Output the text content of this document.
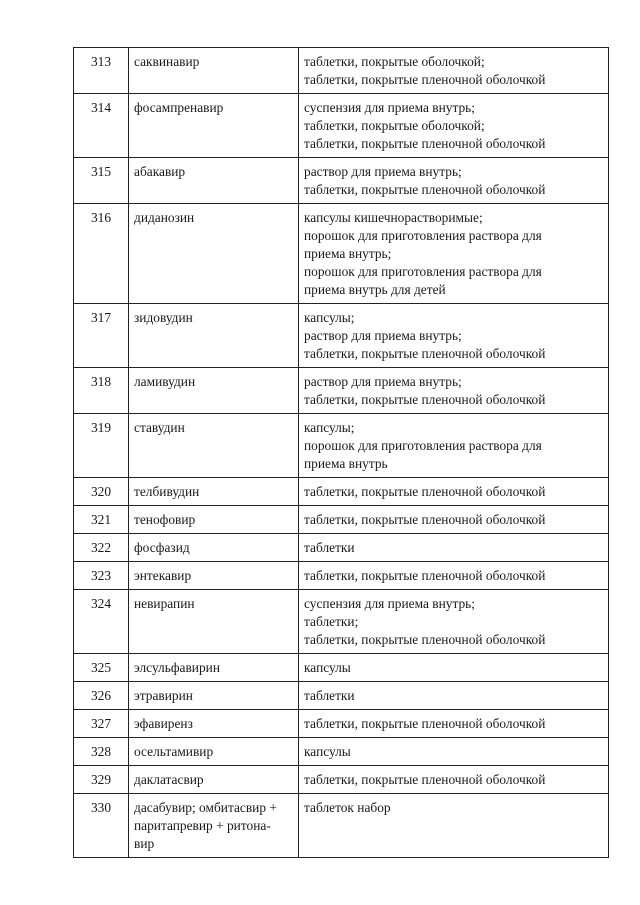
313	саквинавир	таблетки, покрытые оболочкой;
таблетки, покрытые пленочной оболочкой

314	фосампренавир	суспензия для приема внутрь;
таблетки, покрытые оболочкой;
таблетки, покрытые пленочной оболочкой

315	абакавир	раствор для приема внутрь;
таблетки, покрытые пленочной оболочкой

316	диданозин	капсулы кишечнорастворимые;
порошок для приготовления раствора для
приема внутрь;
порошок для приготовления раствора для
приема внутрь для детей

317	зидовудин	капсулы;
раствор для приема внутрь;
таблетки, покрытые пленочной оболочкой

318	ламивудин	раствор для приема внутрь;
таблетки, покрытые пленочной оболочкой

319	ставудин	капсулы;
порошок для приготовления раствора для
приема внутрь

320	телбивудин	таблетки, покрытые пленочной оболочкой

321	тенофовир	таблетки, покрытые пленочной оболочкой

322	фосфазид	таблетки

323	энтекавир	таблетки, покрытые пленочной оболочкой

324	невирапин	суспензия для приема внутрь;
таблетки;
таблетки, покрытые пленочной оболочкой

325	элсульфавирин	капсулы

326	этравирин	таблетки

327	эфавиренз	таблетки, покрытые пленочной оболочкой

328	осельтамивир	капсулы

329	даклатасвир	таблетки, покрытые пленочной оболочкой

330	дасабувир; омбитасвир +
паритапревир + ритона-
вир	таблеток набор
